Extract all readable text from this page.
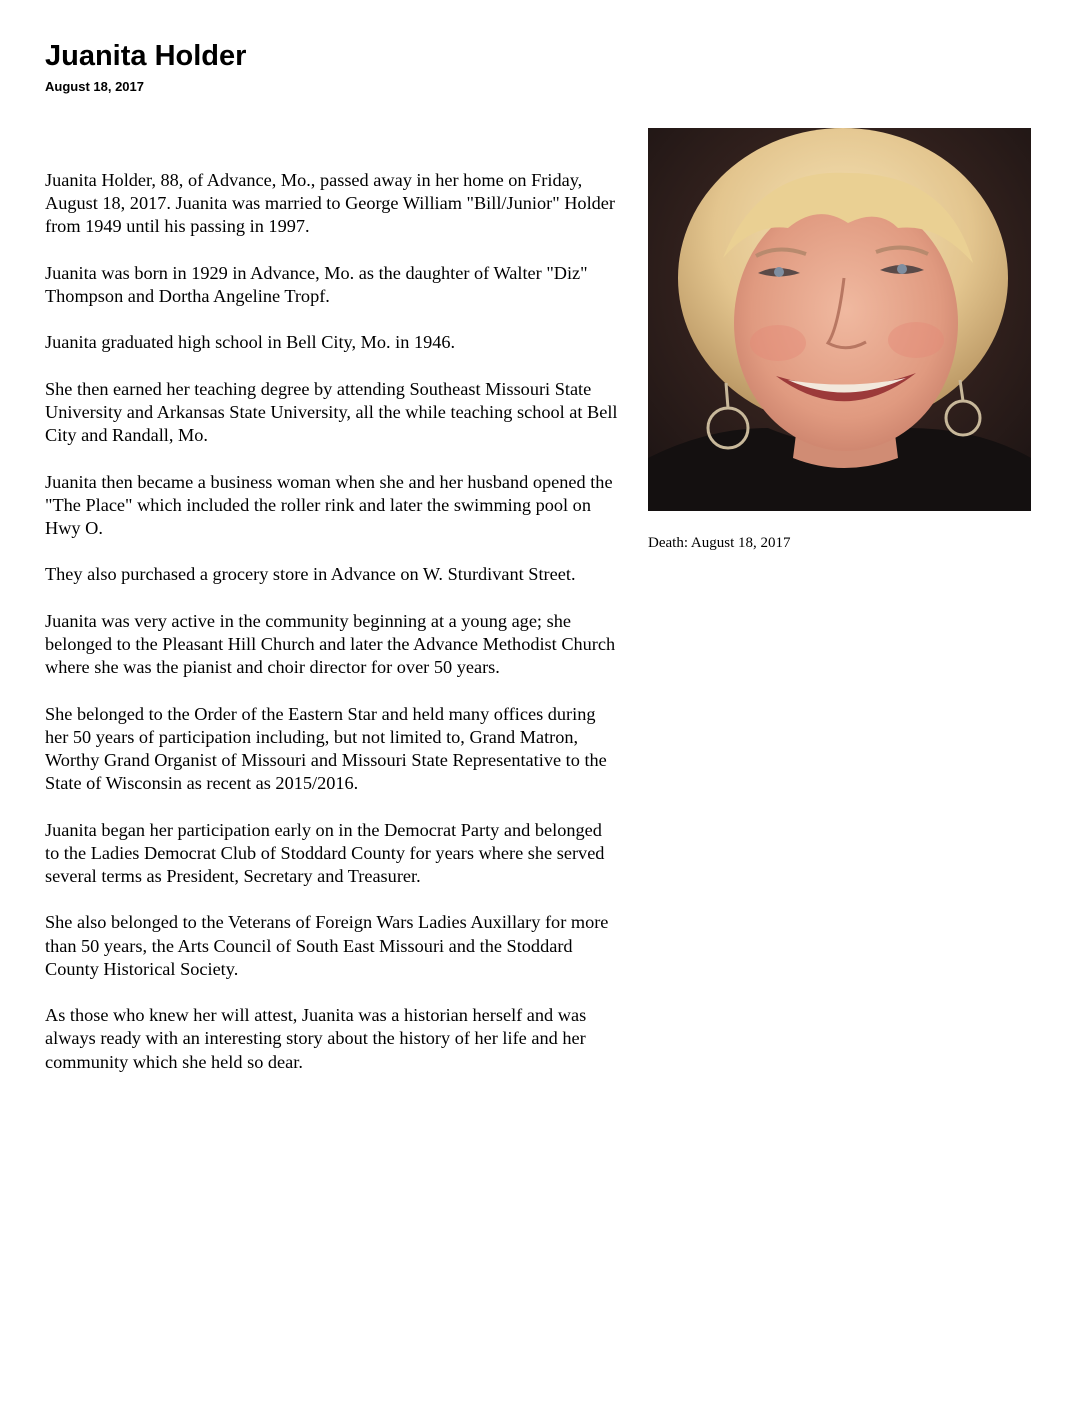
Juanita Holder
August 18, 2017

Juanita Holder, 88, of Advance, Mo., passed away in her home on Friday, August 18, 2017. Juanita was married to George William "Bill/Junior" Holder from 1949 until his passing in 1997.

Juanita was born in 1929 in Advance, Mo. as the daughter of Walter "Diz" Thompson and Dortha Angeline Tropf.

Juanita graduated high school in Bell City, Mo. in 1946.

She then earned her teaching degree by attending Southeast Missouri State University and Arkansas State University, all the while teaching school at Bell City and Randall, Mo.

Juanita then became a business woman when she and her husband opened the "The Place" which included the roller rink and later the swimming pool on Hwy O.

They also purchased a grocery store in Advance on W. Sturdivant Street.

Juanita was very active in the community beginning at a young age; she belonged to the Pleasant Hill Church and later the Advance Methodist Church where she was the pianist and choir director for over 50 years.

She belonged to the Order of the Eastern Star and held many offices during her 50 years of participation including, but not limited to, Grand Matron, Worthy Grand Organist of Missouri and Missouri State Representative to the State of Wisconsin as recent as 2015/2016.

Juanita began her participation early on in the Democrat Party and belonged to the Ladies Democrat Club of Stoddard County for years where she served several terms as President, Secretary and Treasurer.

She also belonged to the Veterans of Foreign Wars Ladies Auxillary for more than 50 years, the Arts Council of South East Missouri and the Stoddard County Historical Society.

As those who knew her will attest, Juanita was a historian herself and was always ready with an interesting story about the history of her life and her community which she held so dear.

Death: August 18, 2017
